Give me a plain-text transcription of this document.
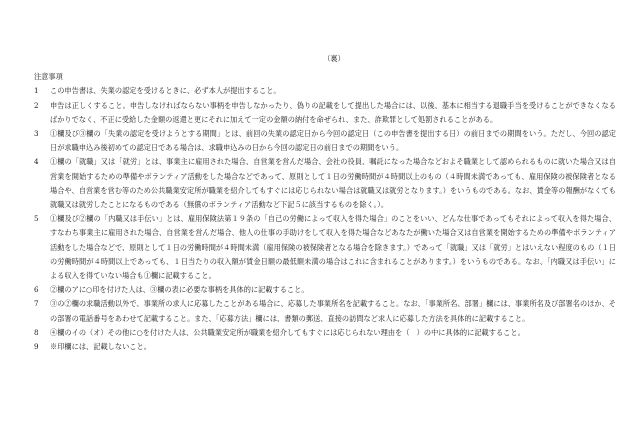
（裏）
注意事項
1 この申告書は、失業の認定を受けるときに、必ず本人が提出すること。
2 申告は正しくすること。申告しなければならない事柄を申告しなかったり、偽りの記載をして提出した場合には、以後、基本に相当する退職手当を受けることができなくなるばかりでなく、不正に受給した金額の返還と更にそれに加えて一定の金額の納付を命ぜられ、また、詐欺罪として処罰されることがある。
3 ①欄及び③欄の「失業の認定を受けようとする期間」とは、前回の失業の認定日から今回の認定日（この申告書を提出する日）の前日までの期間をいう。ただし、今回の認定日が求職申込み後初めての認定日である場合は、求職申込みの日から今回の認定日の前日までの期間をいう。
4 ①欄の「就職」又は「就労」とは、事業主に雇用された場合、自営業を営んだ場合、会社の役員、嘱託になった場合などおよそ職業として認められるものに就いた場合又は自営業を開始するための準備やボランティア活動をした場合などであって、原則として１日の労働時間が４時間以上のもの（４時間未満であっても、雇用保険の被保険者となる場合や、自営業を営む等のため公共職業安定所が職業を紹介してもすぐには応じられない場合は就職又は就労となります。）をいうものである。なお、賃金等の報酬がなくても就職又は就労したことになるものである（無償のボランティア活動など下記５に該当するものを除く。）。
5 ①欄及び②欄の「内職又は手伝い」とは、雇用保険法第１９条の「自己の労働によって収入を得た場合」のことをいい、どんな仕事であってもそれによって収入を得た場合、すなわち事業主に雇用された場合、自営業を営んだ場合、他人の仕事の手助けをして収入を得た場合などあなたが働いた場合又は自営業を開始するための準備やボランティア活動をした場合などで、原則として１日の労働時間が４時間未満（雇用保険の被保険者となる場合を除きます。）であって「就職」又は「就労」とはいえない程度のもの（１日の労働時間が４時間以上であっても、１日当たりの収入額が賃金日額の最低額未満の場合はこれに含まれることがあります。）をいうものである。なお、「内職又は手伝い」による収入を得ていない場合も①欄に記載すること。
6 ②欄のアに○印を付けた人は、③欄の表に必要な事柄を具体的に記載すること。
7 ③の②欄の求職活動以外で、事業所の求人に応募したことがある場合に、応募した事業所名を記載すること。なお、「事業所名、部署」欄には、事業所名及び部署名のほか、その部署の電話番号をあわせて記載すること。また、「応募方法」欄には、書類の郵送、直接の訪問など求人に応募した方法を具体的に記載すること。
8 ④欄のイの（オ）その他に○を付けた人は、公共職業安定所が職業を紹介してもすぐには応じられない理由を（　）の中に具体的に記載すること。
9 ※印欄には、記載しないこと。
